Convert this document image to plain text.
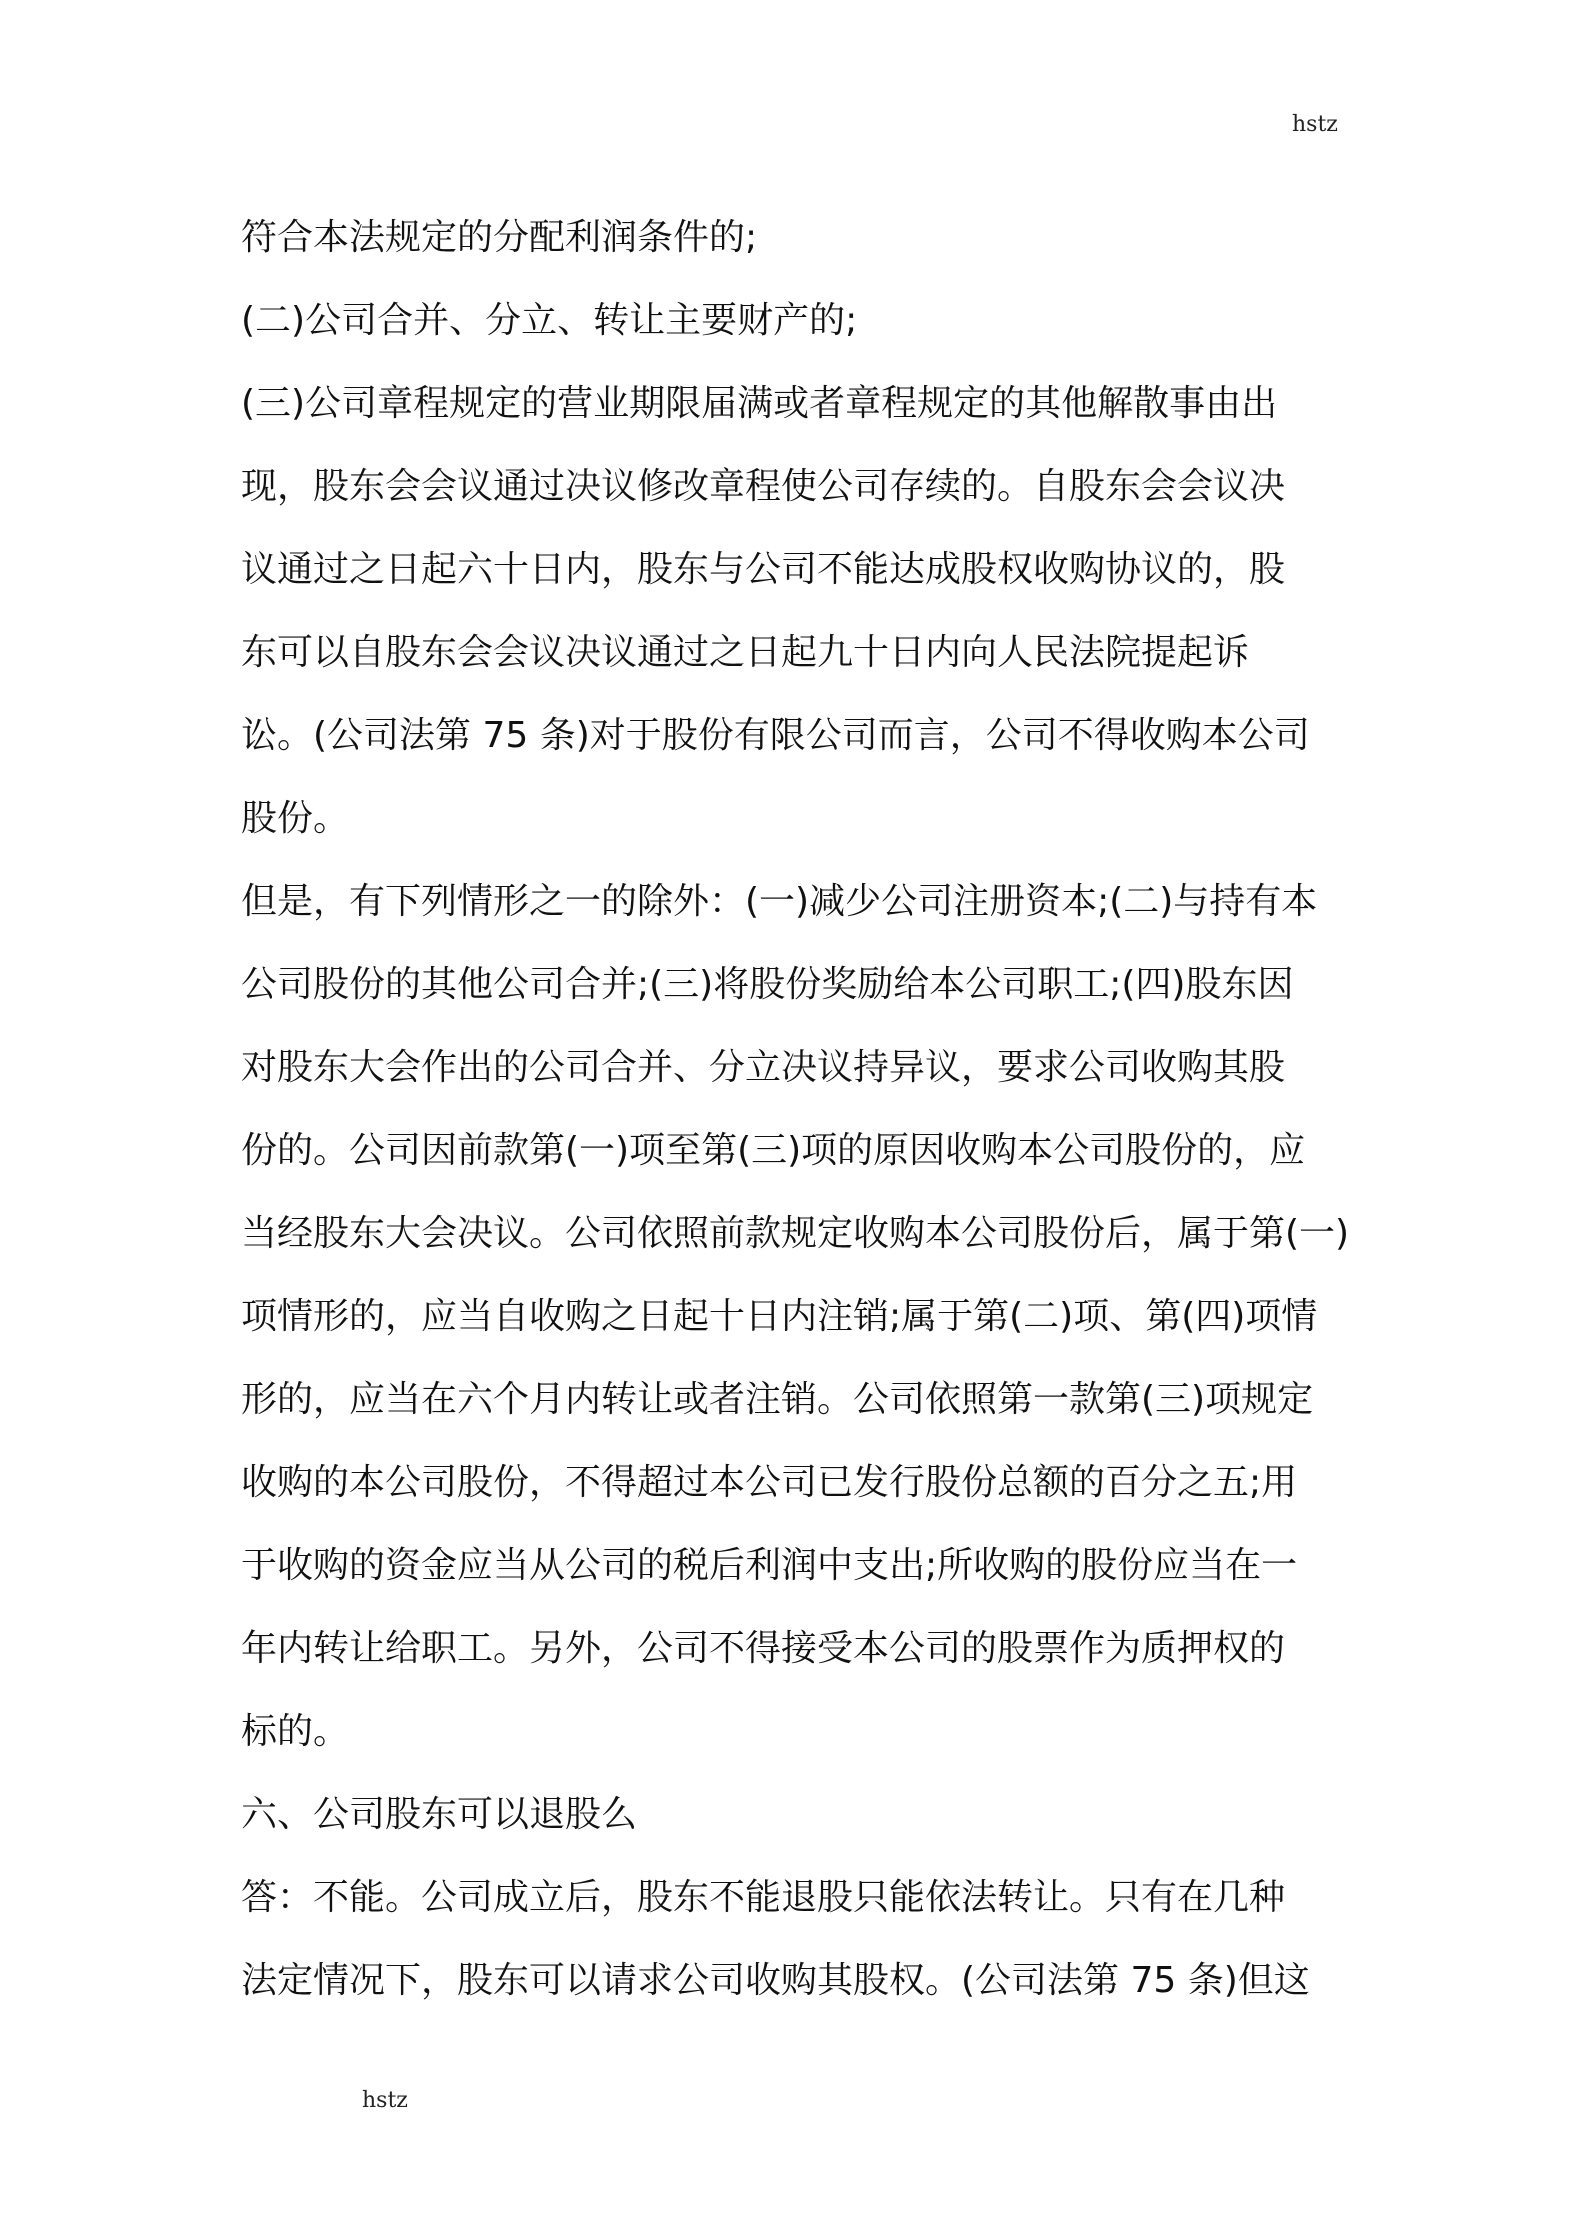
hstz
符合本法规定的分配利润条件的;
(二)公司合并、分立、转让主要财产的;
(三)公司章程规定的营业期限届满或者章程规定的其他解散事由出
现，股东会会议通过决议修改章程使公司存续的。自股东会会议决
议通过之日起六十日内，股东与公司不能达成股权收购协议的，股
东可以自股东会会议决议通过之日起九十日内向人民法院提起诉
讼。(公司法第 75 条)对于股份有限公司而言，公司不得收购本公司
股份。
但是，有下列情形之一的除外：(一)减少公司注册资本;(二)与持有本
公司股份的其他公司合并;(三)将股份奖励给本公司职工;(四)股东因
对股东大会作出的公司合并、分立决议持异议，要求公司收购其股
份的。公司因前款第(一)项至第(三)项的原因收购本公司股份的，应
当经股东大会决议。公司依照前款规定收购本公司股份后，属于第(一)
项情形的，应当自收购之日起十日内注销;属于第(二)项、第(四)项情
形的，应当在六个月内转让或者注销。公司依照第一款第(三)项规定
收购的本公司股份，不得超过本公司已发行股份总额的百分之五;用
于收购的资金应当从公司的税后利润中支出;所收购的股份应当在一
年内转让给职工。另外，公司不得接受本公司的股票作为质押权的
标的。
六、公司股东可以退股么
答：不能。公司成立后，股东不能退股只能依法转让。只有在几种
法定情况下，股东可以请求公司收购其股权。(公司法第 75 条)但这
hstz
